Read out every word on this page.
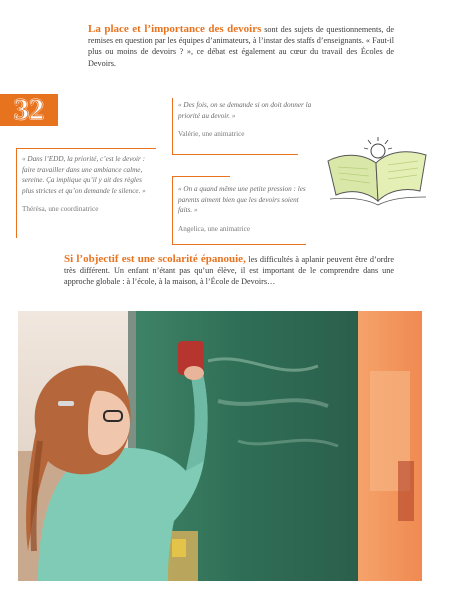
La place et l’importance des devoirs sont des sujets de questionnements, de remises en question par les équipes d’animateurs, à l’instar des staffs d’enseignants. « Faut-il plus ou moins de devoirs ? », ce débat est également au cœur du travail des Écoles de Devoirs.
32	« Des fois, on se demande si on doit donner la priorité au devoir. »

Valérie, une animatrice

« Dans l’EDD, la priorité, c’est le devoir : faire travailler dans une ambiance calme, sereine. Ça implique qu’il y ait des règles plus strictes et qu’on demande le silence. »

Thérèsa, une coordinatrice

« On a quand même une petite pression : les parents aiment bien que les devoirs soient faits. »

Angelica, une animatrice
Si l’objectif est une scolarité épanouie, les difficultés à aplanir peuvent être d’ordre très différent. Un enfant n’étant pas qu’un élève, il est important de le comprendre dans une approche globale : à l’école, à la maison, à l’École de Devoirs…
